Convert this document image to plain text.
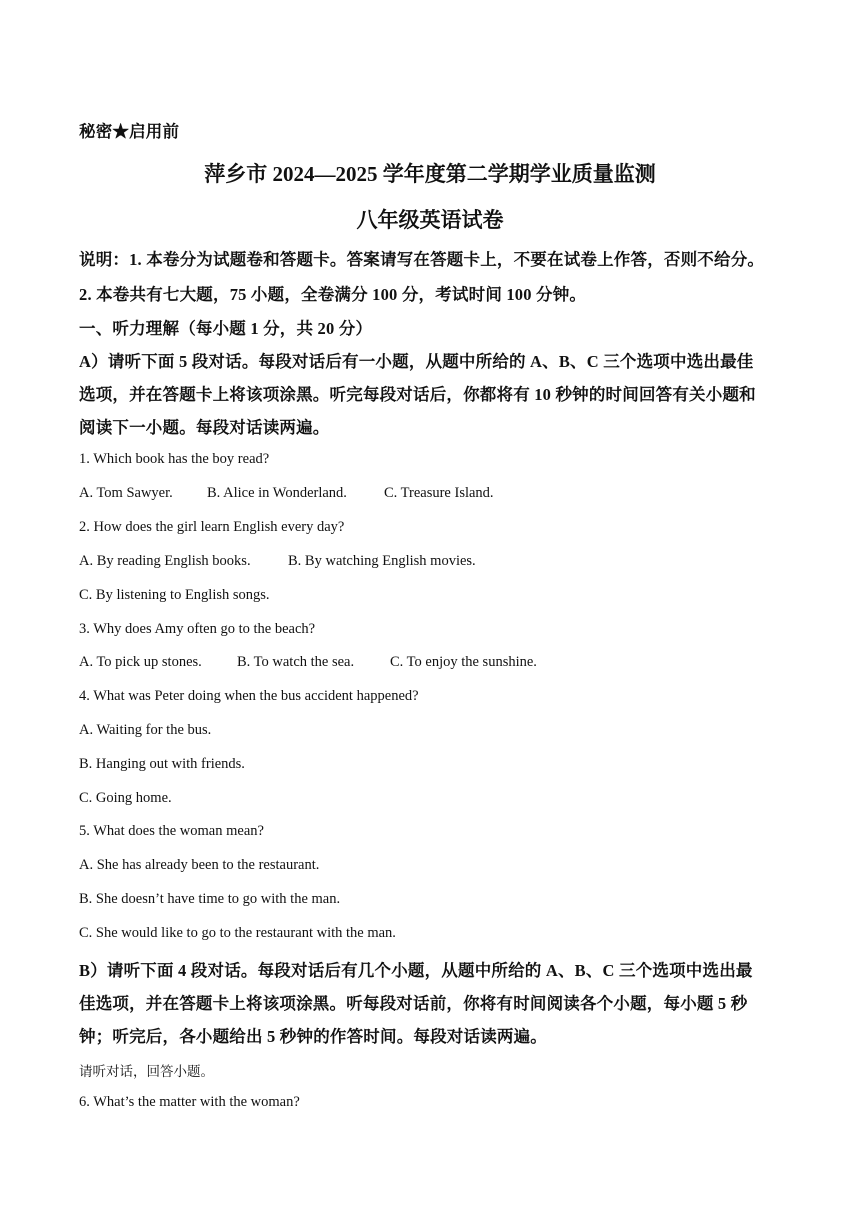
秘密★启用前
萍乡市 2024—2025 学年度第二学期学业质量监测
八年级英语试卷
说明：1. 本卷分为试题卷和答题卡。答案请写在答题卡上，不要在试卷上作答，否则不给分。
2. 本卷共有七大题，75 小题，全卷满分 100 分，考试时间 100 分钟。
一、听力理解（每小题 1 分，共 20 分）
A）请听下面 5 段对话。每段对话后有一小题，从题中所给的 A、B、C 三个选项中选出最佳
选项，并在答题卡上将该项涂黑。听完每段对话后，你都将有 10 秒钟的时间回答有关小题和
阅读下一小题。每段对话读两遍。
1. Which book has the boy read?
A. Tom Sawyer. B. Alice in Wonderland.	C. Treasure Island.
2. How does the girl learn English every day?
A. By reading English books.	B. By watching English movies.
C. By listening to English songs.
3. Why does Amy often go to the beach?
A. To pick up stones. B. To watch the sea. C. To enjoy the sunshine.
4. What was Peter doing when the bus accident happened?
A. Waiting for the bus.
B. Hanging out with friends.
C. Going home.
5. What does the woman mean?
A. She has already been to the restaurant.
B. She doesn’t have time to go with the man.
C. She would like to go to the restaurant with the man.
B）请听下面 4 段对话。每段对话后有几个小题，从题中所给的 A、B、C 三个选项中选出最
佳选项，并在答题卡上将该项涂黑。听每段对话前，你将有时间阅读各个小题，每小题 5 秒
钟；听完后，各小题给出 5 秒钟的作答时间。每段对话读两遍。
请听对话，回答小题。
6. What’s the matter with the woman?
